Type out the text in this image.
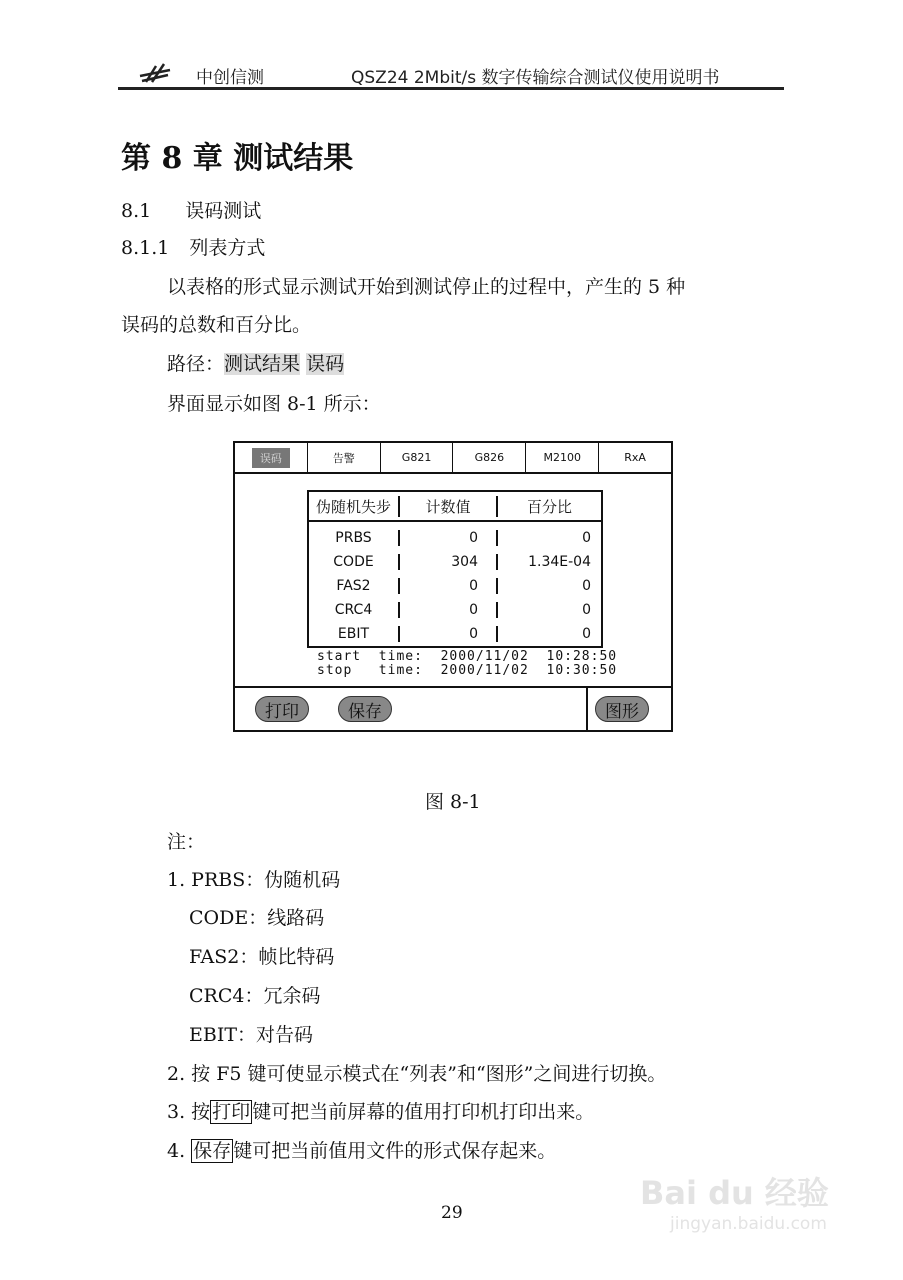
中创信测	QSZ24 2Mbit/s 数字传输综合测试仪使用说明书
第 8 章 测试结果
8.1 误码测试
8.1.1 列表方式
以表格的形式显示测试开始到测试停止的过程中，产生的 5 种
误码的总数和百分比。
路径：测试结果 误码
界面显示如图 8-1 所示：
误码	告警	G821	G826	M2100	RxA
伪随机失步	计数值	百分比
PRBS	0	0
CODE	304	1.34E-04
FAS2	0	0
CRC4	0	0
EBIT	0	0
start  time:  2000/11/02  10:28:50
stop   time:  2000/11/02  10:30:50
打印	保存	图形
图 8-1
注：
1. PRBS：伪随机码
CODE：线路码
FAS2：帧比特码
CRC4：冗余码
EBIT：对告码
2. 按 F5 键可使显示模式在“列表”和“图形”之间进行切换。
3. 按 打印 键可把当前屏幕的值用打印机打印出来。
4. 保存 键可把当前值用文件的形式保存起来。
29
Bai du 经验
jingyan.baidu.com
